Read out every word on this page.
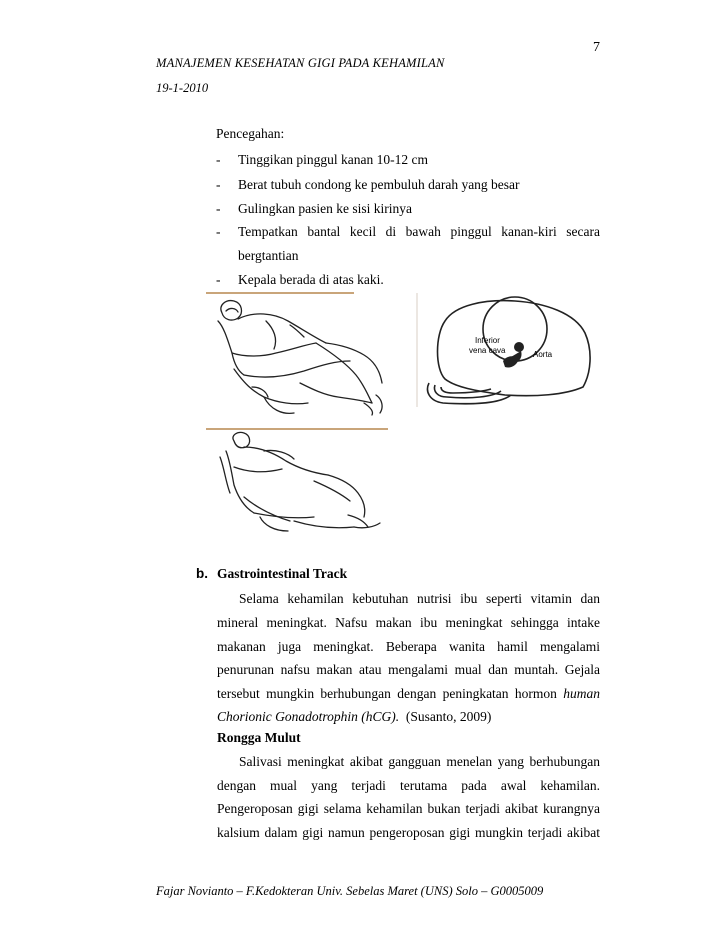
7
MANAJEMEN KESEHATAN GIGI PADA KEHAMILAN
19-1-2010
Pencegahan:
-	Tinggikan pinggul kanan 10-12 cm
-	Berat tubuh condong ke pembuluh darah yang besar
-	Gulingkan pasien ke sisi kirinya
-	Tempatkan bantal kecil di bawah pinggul kanan-kiri secara
bergtantian
-	Kepala berada di atas kaki.
Inferior
vena cava	Aorta
b. Gastrointestinal Track
Selama kehamilan kebutuhan nutrisi ibu seperti vitamin dan
mineral meningkat. Nafsu makan ibu meningkat sehingga intake
makanan juga meningkat. Beberapa wanita hamil mengalami
penurunan nafsu makan atau mengalami mual dan muntah. Gejala
tersebut mungkin berhubungan dengan peningkatan hormon human
Chorionic Gonadotrophin (hCG). (Susanto, 2009)
Rongga Mulut
Salivasi meningkat akibat gangguan menelan yang berhubungan
dengan mual yang terjadi terutama pada awal kehamilan.
Pengeroposan gigi selama kehamilan bukan terjadi akibat kurangnya
kalsium dalam gigi namun pengeroposan gigi mungkin terjadi akibat
Fajar Novianto – F.Kedokteran Univ. Sebelas Maret (UNS) Solo – G0005009
